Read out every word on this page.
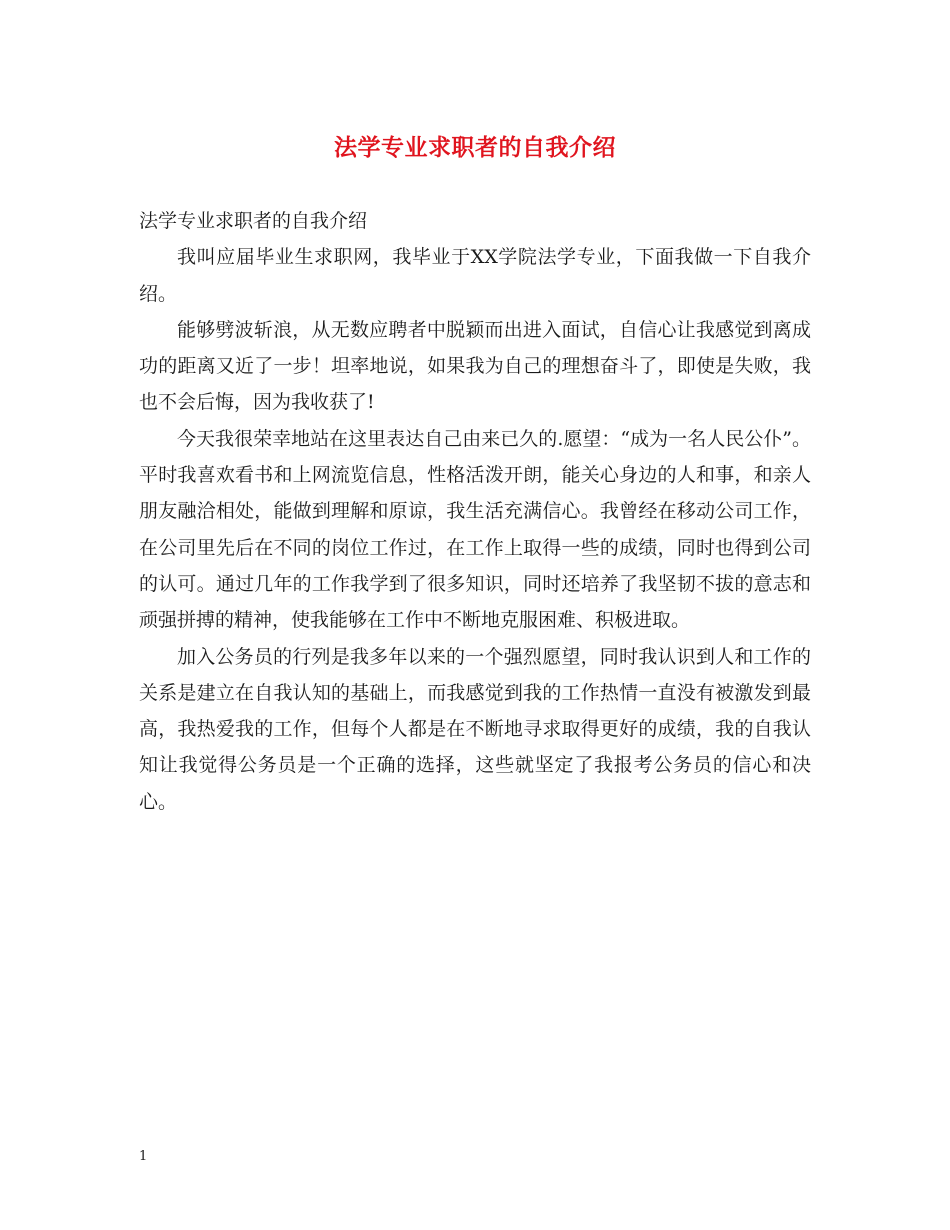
法学专业求职者的自我介绍

法学专业求职者的自我介绍

我叫应届毕业生求职网，我毕业于XX学院法学专业，下面我做一下自我介绍。

能够劈波斩浪，从无数应聘者中脱颖而出进入面试，自信心让我感觉到离成功的距离又近了一步！坦率地说，如果我为自己的理想奋斗了，即使是失败，我也不会后悔，因为我收获了!

今天我很荣幸地站在这里表达自己由来已久的.愿望：“成为一名人民公仆”。平时我喜欢看书和上网流览信息，性格活泼开朗，能关心身边的人和事，和亲人朋友融洽相处，能做到理解和原谅，我生活充满信心。我曾经在移动公司工作，在公司里先后在不同的岗位工作过，在工作上取得一些的成绩，同时也得到公司的认可。通过几年的工作我学到了很多知识，同时还培养了我坚韧不拔的意志和顽强拼搏的精神，使我能够在工作中不断地克服困难、积极进取。

加入公务员的行列是我多年以来的一个强烈愿望，同时我认识到人和工作的关系是建立在自我认知的基础上，而我感觉到我的工作热情一直没有被激发到最高，我热爱我的工作，但每个人都是在不断地寻求取得更好的成绩，我的自我认知让我觉得公务员是一个正确的选择，这些就坚定了我报考公务员的信心和决心。

1
